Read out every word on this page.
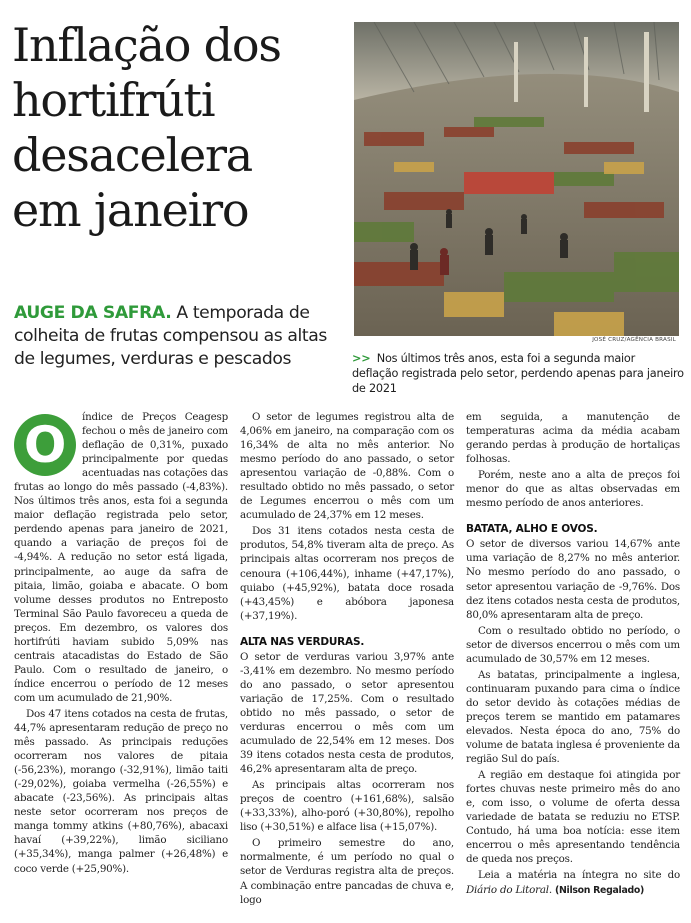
Inflação dos
hortifrúti
desacelera
em janeiro
AUGE DA SAFRA. A temporada de colheita de frutas compensou as altas de legumes, verduras e pescados
JOSÉ CRUZ/AGÊNCIA BRASIL
>> Nos últimos três anos, esta foi a segunda maior deflação registrada pelo setor, perdendo apenas para janeiro de 2021

O	índice de Preços Ceagesp fechou o mês de janeiro com deflação de 0,31%, puxado principalmente por quedas acentuadas nas cotações das frutas ao longo do mês passado (-4,83%). Nos últimos três anos, esta foi a segunda maior deflação registrada pelo setor, perdendo apenas para janeiro de 2021, quando a variação de preços foi de -4,94%. A redução no setor está ligada, principalmente, ao auge da safra de pitaia, limão, goiaba e abacate. O bom volume desses produtos no Entreposto Terminal São Paulo favoreceu a queda de preços. Em dezembro, os valores dos hortifrúti haviam subido 5,09% nas centrais atacadistas do Estado de São Paulo. Com o resultado de janeiro, o índice encerrou o período de 12 meses com um acumulado de 21,90%.

Dos 47 itens cotados na cesta de frutas, 44,7% apresentaram redução de preço no mês passado. As principais reduções ocorreram nos valores de pitaia (-56,23%), morango (-32,91%), limão taiti (-29,02%), goiaba vermelha (-26,55%) e abacate (-23,56%). As principais altas neste setor ocorreram nos preços de manga tommy atkins (+80,76%), abacaxi havaí (+39,22%), limão siciliano (+35,34%), manga palmer (+26,48%) e coco verde (+25,90%).

O setor de legumes registrou alta de 4,06% em janeiro, na comparação com os 16,34% de alta no mês anterior. No mesmo período do ano passado, o setor apresentou variação de -0,88%. Com o resultado obtido no mês passado, o setor de Legumes encerrou o mês com um acumulado de 24,37% em 12 meses.

Dos 31 itens cotados nesta cesta de produtos, 54,8% tiveram alta de preço. As principais altas ocorreram nos preços de cenoura (+106,44%), inhame (+47,17%), quiabo (+45,92%), batata doce rosada (+43,45%) e abóbora japonesa (+37,19%).

ALTA NAS VERDURAS.

O setor de verduras variou 3,97% ante -3,41% em dezembro. No mesmo período do ano passado, o setor apresentou variação de 17,25%. Com o resultado obtido no mês passado, o setor de verduras encerrou o mês com um acumulado de 22,54% em 12 meses. Dos 39 itens cotados nesta cesta de produtos, 46,2% apresentaram alta de preço.

As principais altas ocorreram nos preços de coentro (+161,68%), salsão (+33,33%), alho-poró (+30,80%), repolho liso (+30,51%) e alface lisa (+15,07%).

O primeiro semestre do ano, normalmente, é um período no qual o setor de Verduras registra alta de preços. A combinação entre pancadas de chuva e, logo

em seguida, a manutenção de temperaturas acima da média acabam gerando perdas à produção de hortaliças folhosas.

Porém, neste ano a alta de preços foi menor do que as altas observadas em mesmo período de anos anteriores.

BATATA, ALHO E OVOS.

O setor de diversos variou 14,67% ante uma variação de 8,27% no mês anterior. No mesmo período do ano passado, o setor apresentou variação de -9,76%. Dos dez itens cotados nesta cesta de produtos, 80,0% apresentaram alta de preço.

Com o resultado obtido no período, o setor de diversos encerrou o mês com um acumulado de 30,57% em 12 meses.

As batatas, principalmente a inglesa, continuaram puxando para cima o índice do setor devido às cotações médias de preços terem se mantido em patamares elevados. Nesta época do ano, 75% do volume de batata inglesa é proveniente da região Sul do país.

A região em destaque foi atingida por fortes chuvas neste primeiro mês do ano e, com isso, o volume de oferta dessa variedade de batata se reduziu no ETSP. Contudo, há uma boa notícia: esse item encerrou o mês apresentando tendência de queda nos preços.

Leia a matéria na íntegra no site do Diário do Litoral. (Nilson Regalado)
